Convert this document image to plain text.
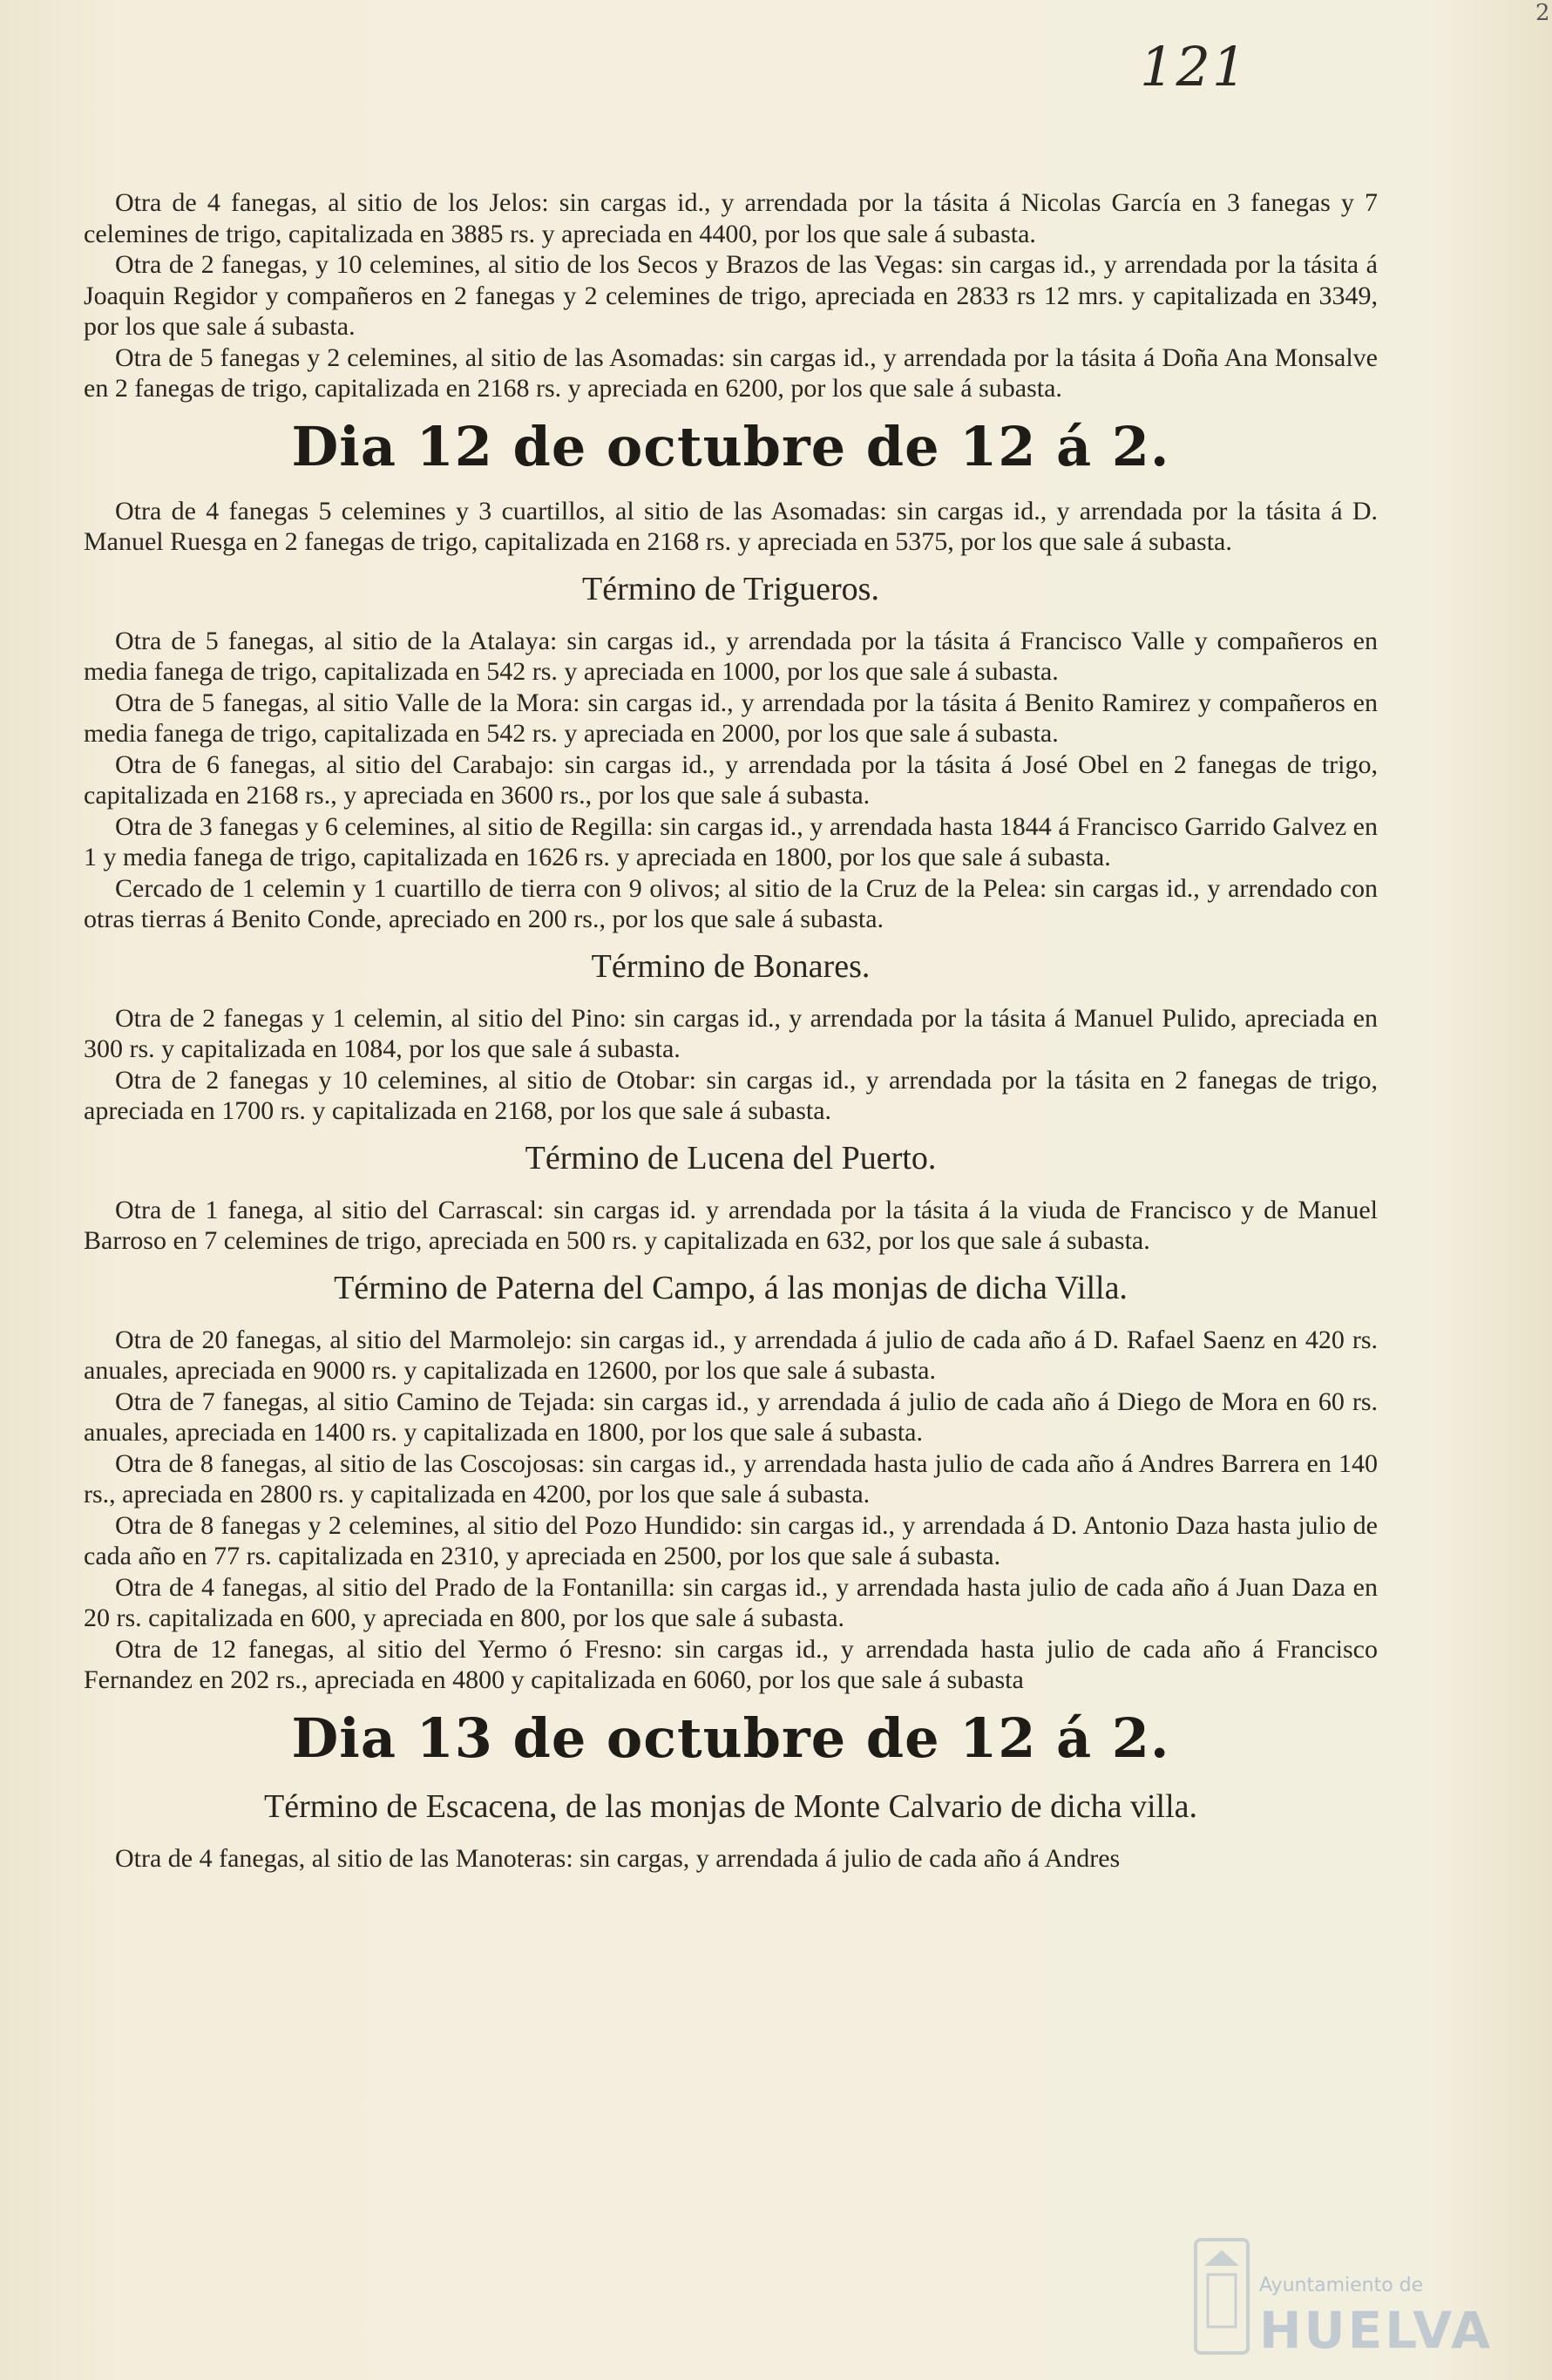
2
121

Otra de 4 fanegas, al sitio de los Jelos: sin cargas id., y arrendada por la tásita á Nicolas García en 3 fanegas y 7 celemines de trigo, capitalizada en 3885 rs. y apreciada en 4400, por los que sale á subasta.

Otra de 2 fanegas, y 10 celemines, al sitio de los Secos y Brazos de las Vegas: sin cargas id., y arrendada por la tásita á Joaquin Regidor y compañeros en 2 fanegas y 2 celemines de trigo, apreciada en 2833 rs 12 mrs. y capitalizada en 3349, por los que sale á subasta.

Otra de 5 fanegas y 2 celemines, al sitio de las Asomadas: sin cargas id., y arrendada por la tásita á Doña Ana Monsalve en 2 fanegas de trigo, capitalizada en 2168 rs. y apreciada en 6200, por los que sale á subasta.

Dia 12 de octubre de 12 á 2.

Otra de 4 fanegas 5 celemines y 3 cuartillos, al sitio de las Asomadas: sin cargas id., y arrendada por la tásita á D. Manuel Ruesga en 2 fanegas de trigo, capitalizada en 2168 rs. y apreciada en 5375, por los que sale á subasta.

Término de Trigueros.

Otra de 5 fanegas, al sitio de la Atalaya: sin cargas id., y arrendada por la tásita á Francisco Valle y compañeros en media fanega de trigo, capitalizada en 542 rs. y apreciada en 1000, por los que sale á subasta.

Otra de 5 fanegas, al sitio Valle de la Mora: sin cargas id., y arrendada por la tásita á Benito Ramirez y compañeros en media fanega de trigo, capitalizada en 542 rs. y apreciada en 2000, por los que sale á subasta.

Otra de 6 fanegas, al sitio del Carabajo: sin cargas id., y arrendada por la tásita á José Obel en 2 fanegas de trigo, capitalizada en 2168 rs., y apreciada en 3600 rs., por los que sale á subasta.

Otra de 3 fanegas y 6 celemines, al sitio de Regilla: sin cargas id., y arrendada hasta 1844 á Francisco Garrido Galvez en 1 y media fanega de trigo, capitalizada en 1626 rs. y apreciada en 1800, por los que sale á subasta.

Cercado de 1 celemin y 1 cuartillo de tierra con 9 olivos; al sitio de la Cruz de la Pelea: sin cargas id., y arrendado con otras tierras á Benito Conde, apreciado en 200 rs., por los que sale á subasta.

Término de Bonares.

Otra de 2 fanegas y 1 celemin, al sitio del Pino: sin cargas id., y arrendada por la tásita á Manuel Pulido, apreciada en 300 rs. y capitalizada en 1084, por los que sale á subasta.

Otra de 2 fanegas y 10 celemines, al sitio de Otobar: sin cargas id., y arrendada por la tásita en 2 fanegas de trigo, apreciada en 1700 rs. y capitalizada en 2168, por los que sale á subasta.

Término de Lucena del Puerto.

Otra de 1 fanega, al sitio del Carrascal: sin cargas id. y arrendada por la tásita á la viuda de Francisco y de Manuel Barroso en 7 celemines de trigo, apreciada en 500 rs. y capitalizada en 632, por los que sale á subasta.

Término de Paterna del Campo, á las monjas de dicha Villa.

Otra de 20 fanegas, al sitio del Marmolejo: sin cargas id., y arrendada á julio de cada año á D. Rafael Saenz en 420 rs. anuales, apreciada en 9000 rs. y capitalizada en 12600, por los que sale á subasta.

Otra de 7 fanegas, al sitio Camino de Tejada: sin cargas id., y arrendada á julio de cada año á Diego de Mora en 60 rs. anuales, apreciada en 1400 rs. y capitalizada en 1800, por los que sale á subasta.

Otra de 8 fanegas, al sitio de las Coscojosas: sin cargas id., y arrendada hasta julio de cada año á Andres Barrera en 140 rs., apreciada en 2800 rs. y capitalizada en 4200, por los que sale á subasta.

Otra de 8 fanegas y 2 celemines, al sitio del Pozo Hundido: sin cargas id., y arrendada á D. Antonio Daza hasta julio de cada año en 77 rs. capitalizada en 2310, y apreciada en 2500, por los que sale á subasta.

Otra de 4 fanegas, al sitio del Prado de la Fontanilla: sin cargas id., y arrendada hasta julio de cada año á Juan Daza en 20 rs. capitalizada en 600, y apreciada en 800, por los que sale á subasta.

Otra de 12 fanegas, al sitio del Yermo ó Fresno: sin cargas id., y arrendada hasta julio de cada año á Francisco Fernandez en 202 rs., apreciada en 4800 y capitalizada en 6060, por los que sale á subasta

Dia 13 de octubre de 12 á 2.
Término de Escacena, de las monjas de Monte Calvario de dicha villa.

Otra de 4 fanegas, al sitio de las Manoteras: sin cargas, y arrendada á julio de cada año á Andres

Ayuntamiento de
HUELVA
